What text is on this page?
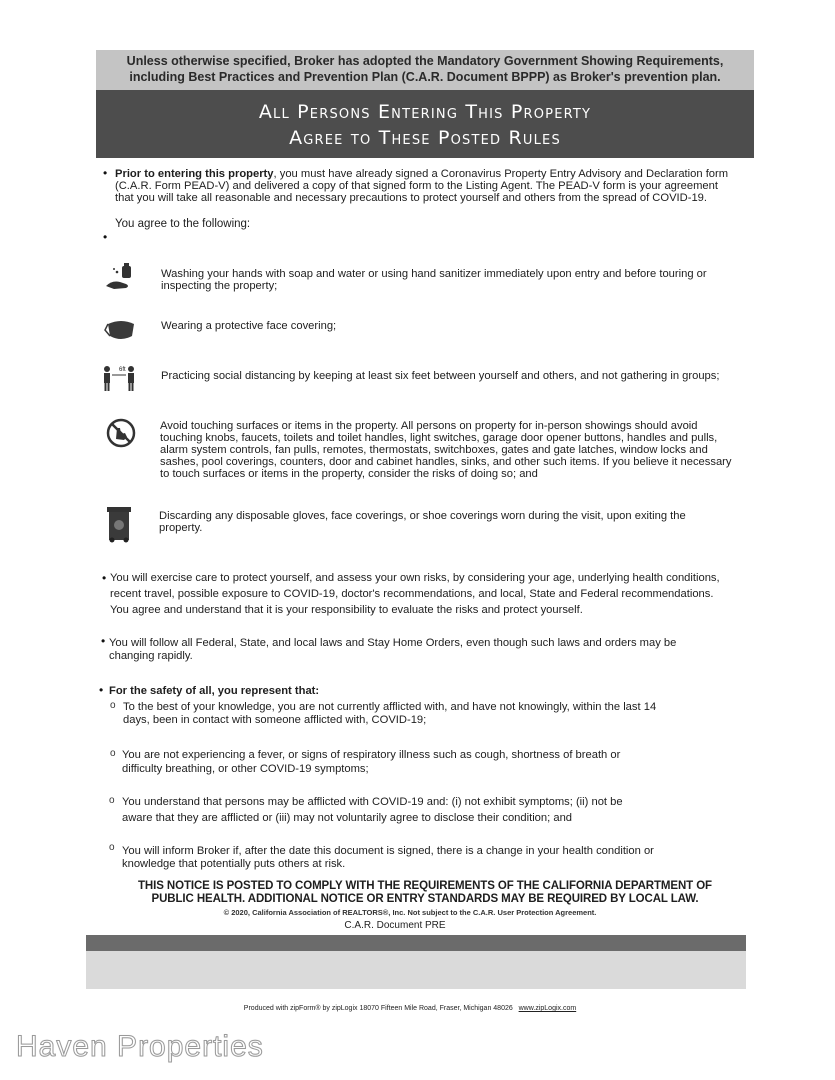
Unless otherwise specified, Broker has adopted the Mandatory Government Showing Requirements,
including Best Practices and Prevention Plan (C.A.R. Document BPPP) as Broker's prevention plan.
All Persons Entering This Property
Agree to These Posted Rules
• Prior to entering this property, you must have already signed a Coronavirus Property Entry Advisory and Declaration form
(C.A.R. Form PEAD-V) and delivered a copy of that signed form to the Listing Agent. The PEAD-V form is your agreement
that you will take all reasonable and necessary precautions to protect yourself and others from the spread of COVID-19.
You agree to the following:
•
Washing your hands with soap and water or using hand sanitizer immediately upon entry and before touring or
inspecting the property;
Wearing a protective face covering;
6ft	Practicing social distancing by keeping at least six feet between yourself and others, and not gathering in groups;
Avoid touching surfaces or items in the property. All persons on property for in-person showings should avoid
touching knobs, faucets, toilets and toilet handles, light switches, garage door opener buttons, handles and pulls,
alarm system controls, fan pulls, remotes, thermostats, switchboxes, gates and gate latches, window locks and
sashes, pool coverings, counters, door and cabinet handles, sinks, and other such items. If you believe it necessary
to touch surfaces or items in the property, consider the risks of doing so; and
Discarding any disposable gloves, face coverings, or shoe coverings worn during the visit, upon exiting the
property.
• You will exercise care to protect yourself, and assess your own risks, by considering your age, underlying health conditions,
recent travel, possible exposure to COVID-19, doctor's recommendations, and local, State and Federal recommendations.
You agree and understand that it is your responsibility to evaluate the risks and protect yourself.
• You will follow all Federal, State, and local laws and Stay Home Orders, even though such laws and orders may be
changing rapidly.
• For the safety of all, you represent that:
o To the best of your knowledge, you are not currently afflicted with, and have not knowingly, within the last 14
days, been in contact with someone afflicted with, COVID-19;
o You are not experiencing a fever, or signs of respiratory illness such as cough, shortness of breath or
difficulty breathing, or other COVID-19 symptoms;
o You understand that persons may be afflicted with COVID-19 and: (i) not exhibit symptoms; (ii) not be
aware that they are afflicted or (iii) may not voluntarily agree to disclose their condition; and
o You will inform Broker if, after the date this document is signed, there is a change in your health condition or
knowledge that potentially puts others at risk.
THIS NOTICE IS POSTED TO COMPLY WITH THE REQUIREMENTS OF THE CALIFORNIA DEPARTMENT OF
PUBLIC HEALTH. ADDITIONAL NOTICE OR ENTRY STANDARDS MAY BE REQUIRED BY LOCAL LAW.
© 2020, California Association of REALTORS®, Inc. Not subject to the C.A.R. User Protection Agreement.
C.A.R. Document PRE
Produced with zipForm® by zipLogix 18070 Fifteen Mile Road, Fraser, Michigan 48026 www.zipLogix.com
Haven Properties
